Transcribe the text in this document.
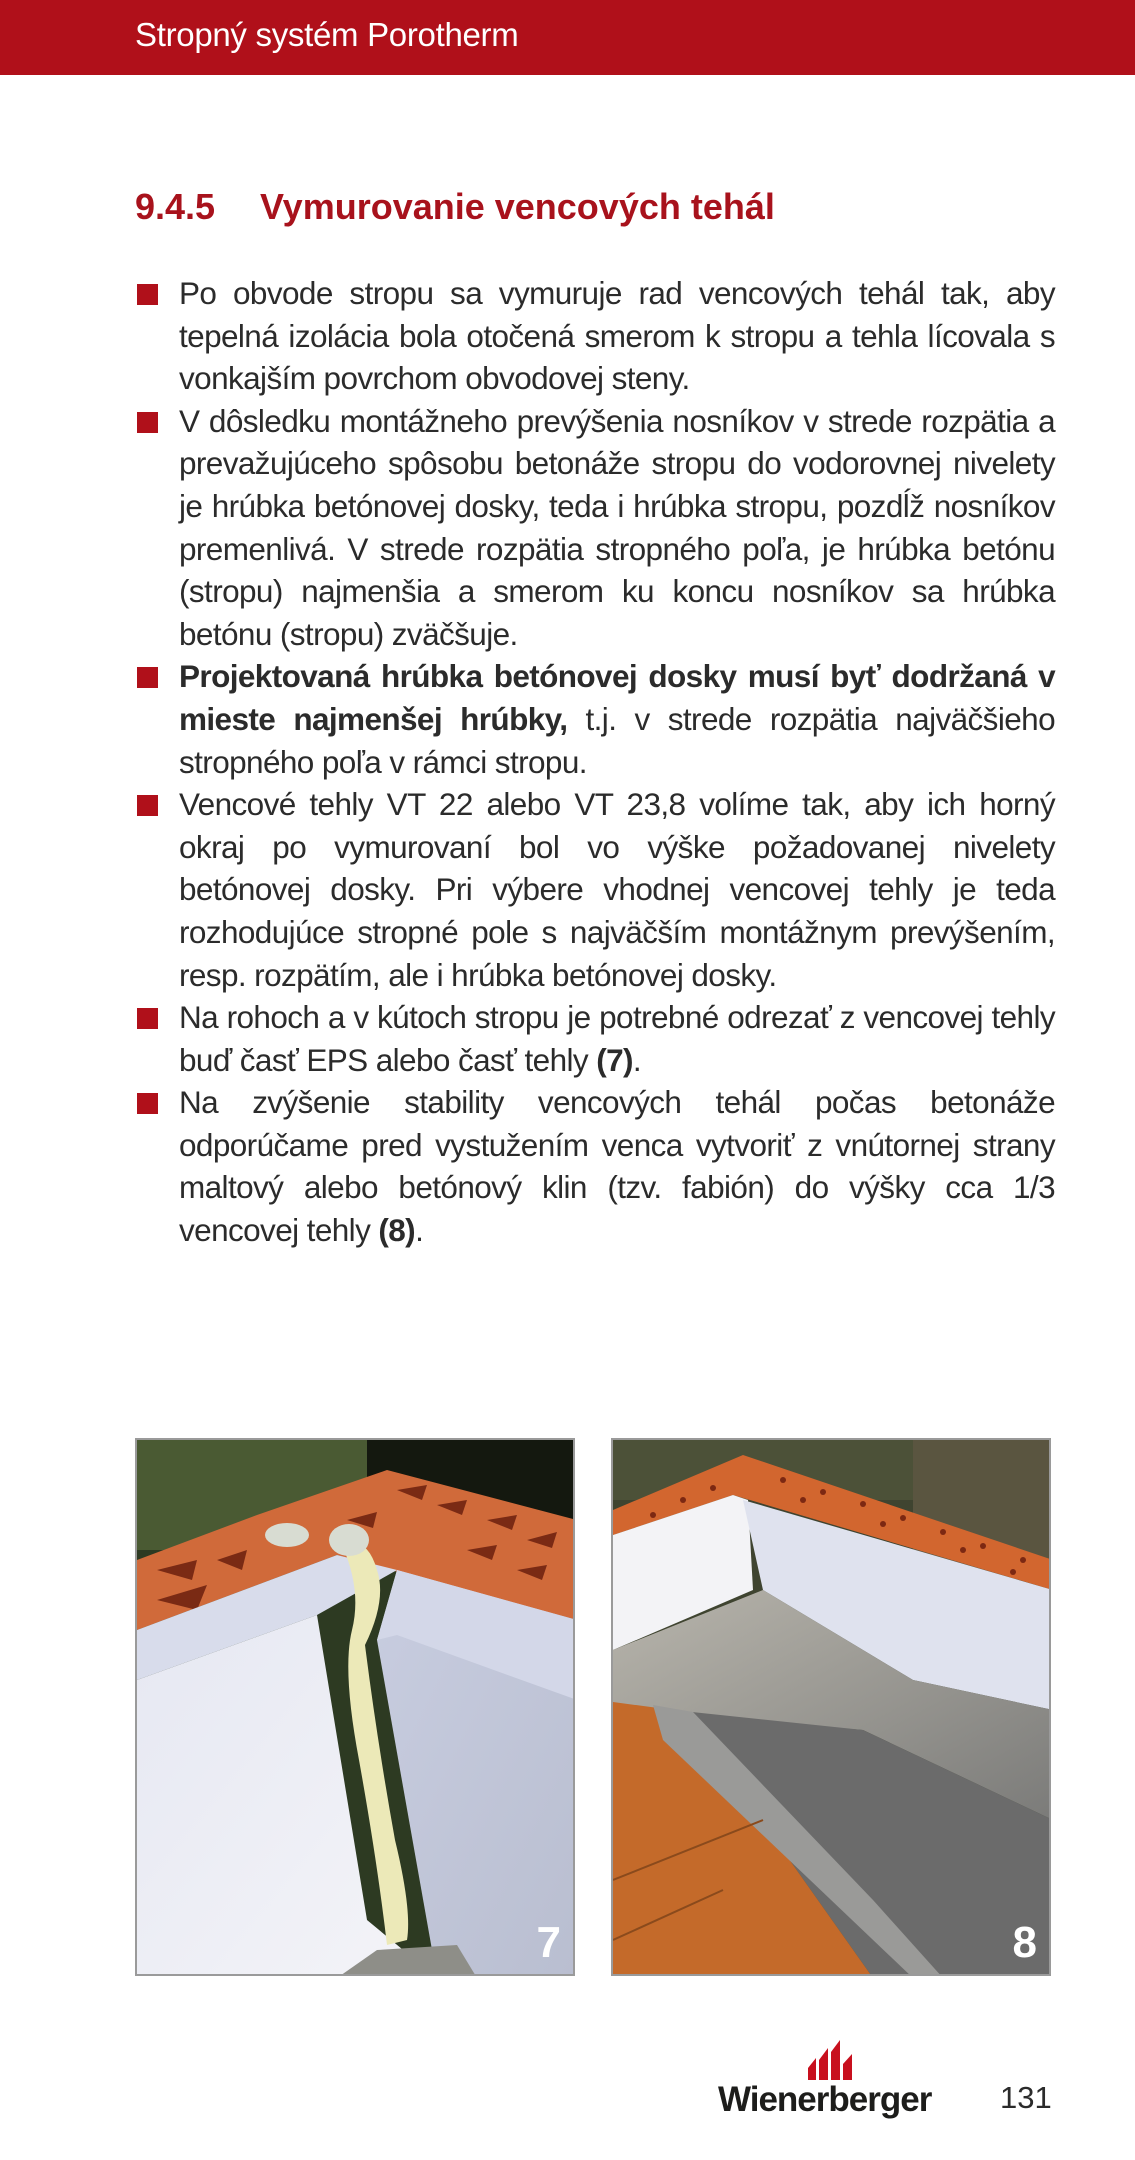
Stropný systém Porotherm
9.4.5 Vymurovanie vencových tehál
Po obvode stropu sa vymuruje rad vencových tehál tak, aby tepelná izolácia bola otočená smerom k stropu a tehla lícovala s vonkajším povrchom obvodovej steny.
V dôsledku montážneho prevýšenia nosníkov v strede rozpätia a prevažujúceho spôsobu betonáže stropu do vodorovnej nivelety je hrúbka betónovej dosky, teda i hrúbka stropu, pozdĺž nosníkov premenlivá. V strede rozpätia stropného poľa, je hrúbka betónu (stropu) najmenšia a smerom ku koncu nosníkov sa hrúbka betónu (stropu) zväčšuje.
Projektovaná hrúbka betónovej dosky musí byť dodržaná v mieste najmenšej hrúbky, t.j. v strede rozpätia najväčšieho stropného poľa v rámci stropu.
Vencové tehly VT 22 alebo VT 23,8 volíme tak, aby ich horný okraj po vymurovaní bol vo výške požadovanej nivelety betónovej dosky. Pri výbere vhodnej vencovej tehly je teda rozhodujúce stropné pole s najväčším montážnym prevýšením, resp. rozpätím, ale i hrúbka betónovej dosky.
Na rohoch a v kútoch stropu je potrebné odrezať z vencovej tehly buď časť EPS alebo časť tehly (7).
Na zvýšenie stability vencových tehál počas betonáže odporúčame pred vystužením venca vytvoriť z vnútornej strany maltový alebo betónový klin (tzv. fabión) do výšky cca 1/3 vencovej tehly (8).
7	8
Wienerberger 131
